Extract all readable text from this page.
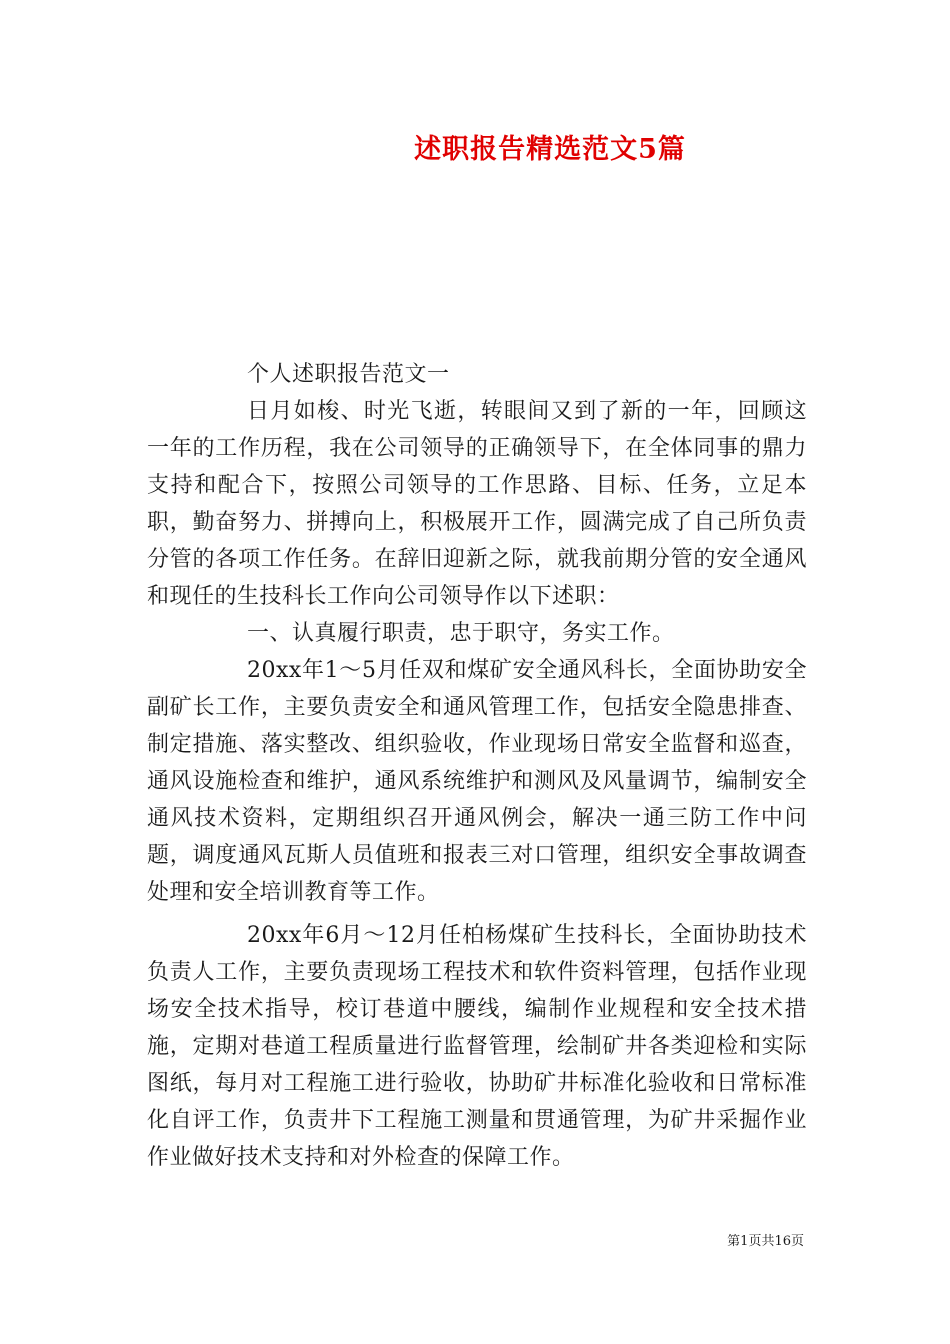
述职报告精选范文5篇

个人述职报告范文一

日月如梭、时光飞逝，转眼间又到了新的一年，回顾这一年的工作历程，我在公司领导的正确领导下，在全体同事的鼎力支持和配合下，按照公司领导的工作思路、目标、任务，立足本职，勤奋努力、拼搏向上，积极展开工作，圆满完成了自己所负责分管的各项工作任务。在辞旧迎新之际，就我前期分管的安全通风和现任的生技科长工作向公司领导作以下述职：

一、认真履行职责，忠于职守，务实工作。

20xx年1～5月任双和煤矿安全通风科长，全面协助安全副矿长工作，主要负责安全和通风管理工作，包括安全隐患排查、制定措施、落实整改、组织验收，作业现场日常安全监督和巡查，通风设施检查和维护，通风系统维护和测风及风量调节，编制安全通风技术资料，定期组织召开通风例会，解决一通三防工作中问题，调度通风瓦斯人员值班和报表三对口管理，组织安全事故调查处理和安全培训教育等工作。

20xx年6月～12月任柏杨煤矿生技科长，全面协助技术负责人工作，主要负责现场工程技术和软件资料管理，包括作业现场安全技术指导，校订巷道中腰线，编制作业规程和安全技术措施，定期对巷道工程质量进行监督管理，绘制矿井各类迎检和实际图纸，每月对工程施工进行验收，协助矿井标准化验收和日常标准化自评工作，负责井下工程施工测量和贯通管理，为矿井采掘作业作业做好技术支持和对外检查的保障工作。

第1页共16页
